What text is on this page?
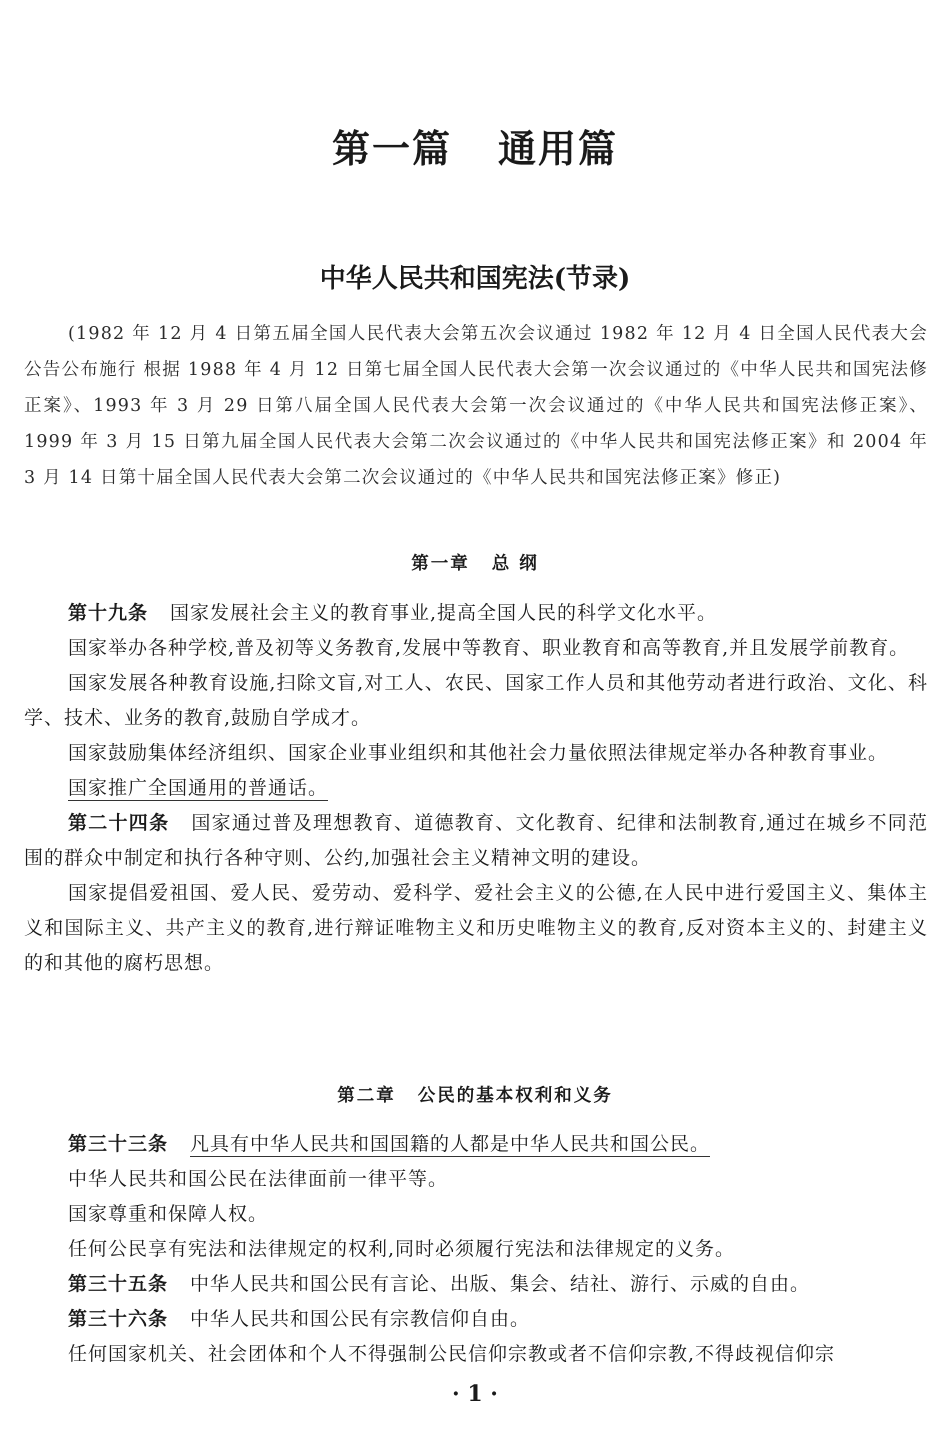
第一篇 通用篇
中华人民共和国宪法(节录)
(1982 年 12 月 4 日第五届全国人民代表大会第五次会议通过 1982 年 12 月 4 日全国人民代表大会公告公布施行 根据 1988 年 4 月 12 日第七届全国人民代表大会第一次会议通过的《中华人民共和国宪法修正案》、1993 年 3 月 29 日第八届全国人民代表大会第一次会议通过的《中华人民共和国宪法修正案》、1999 年 3 月 15 日第九届全国人民代表大会第二次会议通过的《中华人民共和国宪法修正案》和 2004 年 3 月 14 日第十届全国人民代表大会第二次会议通过的《中华人民共和国宪法修正案》修正)
第一章 总 纲

第十九条 国家发展社会主义的教育事业,提高全国人民的科学文化水平。

国家举办各种学校,普及初等义务教育,发展中等教育、职业教育和高等教育,并且发展学前教育。

国家发展各种教育设施,扫除文盲,对工人、农民、国家工作人员和其他劳动者进行政治、文化、科学、技术、业务的教育,鼓励自学成才。

国家鼓励集体经济组织、国家企业事业组织和其他社会力量依照法律规定举办各种教育事业。

国家推广全国通用的普通话。

第二十四条 国家通过普及理想教育、道德教育、文化教育、纪律和法制教育,通过在城乡不同范围的群众中制定和执行各种守则、公约,加强社会主义精神文明的建设。

国家提倡爱祖国、爱人民、爱劳动、爱科学、爱社会主义的公德,在人民中进行爱国主义、集体主义和国际主义、共产主义的教育,进行辩证唯物主义和历史唯物主义的教育,反对资本主义的、封建主义的和其他的腐朽思想。

第二章 公民的基本权利和义务

第三十三条 凡具有中华人民共和国国籍的人都是中华人民共和国公民。

中华人民共和国公民在法律面前一律平等。

国家尊重和保障人权。

任何公民享有宪法和法律规定的权利,同时必须履行宪法和法律规定的义务。

第三十五条 中华人民共和国公民有言论、出版、集会、结社、游行、示威的自由。

第三十六条 中华人民共和国公民有宗教信仰自由。

任何国家机关、社会团体和个人不得强制公民信仰宗教或者不信仰宗教,不得歧视信仰宗

· 1 ·
